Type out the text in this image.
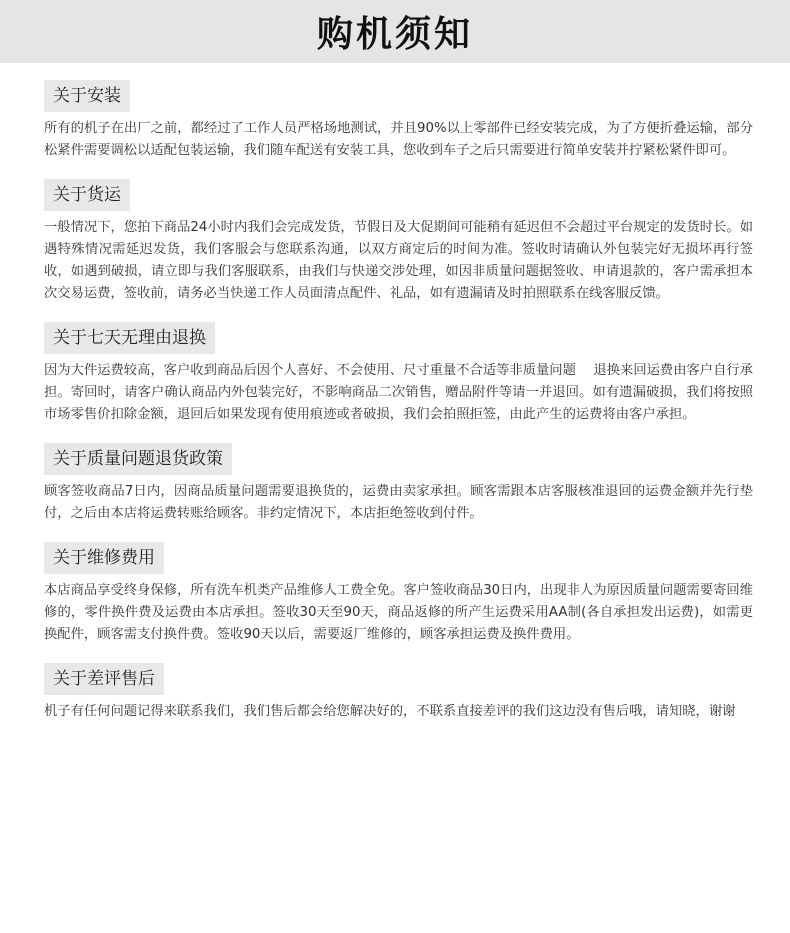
购机须知
关于安装
所有的机子在出厂之前，都经过了工作人员严格场地测试，并且90%以上零部件已经安装完成，为了方便折叠运输，部分松紧件需要调松以适配包装运输，我们随车配送有安装工具，您收到车子之后只需要进行简单安装并拧紧松紧件即可。
关于货运
一般情况下，您拍下商品24小时内我们会完成发货，节假日及大促期间可能稍有延迟但不会超过平台规定的发货时长。如遇特殊情况需延迟发货，我们客服会与您联系沟通，以双方商定后的时间为准。签收时请确认外包装完好无损坏再行签收，如遇到破损，请立即与我们客服联系，由我们与快递交涉处理，如因非质量问题据签收、申请退款的，客户需承担本次交易运费，签收前，请务必当快递工作人员面清点配件、礼品，如有遗漏请及时拍照联系在线客服反馈。
关于七天无理由退换
因为大件运费较高，客户收到商品后因个人喜好、不会使用、尺寸重量不合适等非质量问题　 退换来回运费由客户自行承担。寄回时，请客户确认商品内外包装完好，不影响商品二次销售，赠品附件等请一并退回。如有遗漏破损，我们将按照市场零售价扣除金额，退回后如果发现有使用痕迹或者破损，我们会拍照拒签，由此产生的运费将由客户承担。
关于质量问题退货政策
顾客签收商品7日内，因商品质量问题需要退换货的，运费由卖家承担。顾客需跟本店客服核准退回的运费金额并先行垫付，之后由本店将运费转账给顾客。非约定情况下，本店拒绝签收到付件。
关于维修费用
本店商品享受终身保修，所有洗车机类产品维修人工费全免。客户签收商品30日内，出现非人为原因质量问题需要寄回维修的，零件换件费及运费由本店承担。签收30天至90天，商品返修的所产生运费采用AA制(各自承担发出运费)，如需更换配件，顾客需支付换件费。签收90天以后，需要返厂维修的，顾客承担运费及换件费用。
关于差评售后
机子有任何问题记得来联系我们，我们售后都会给您解决好的，不联系直接差评的我们这边没有售后哦，请知晓，谢谢
